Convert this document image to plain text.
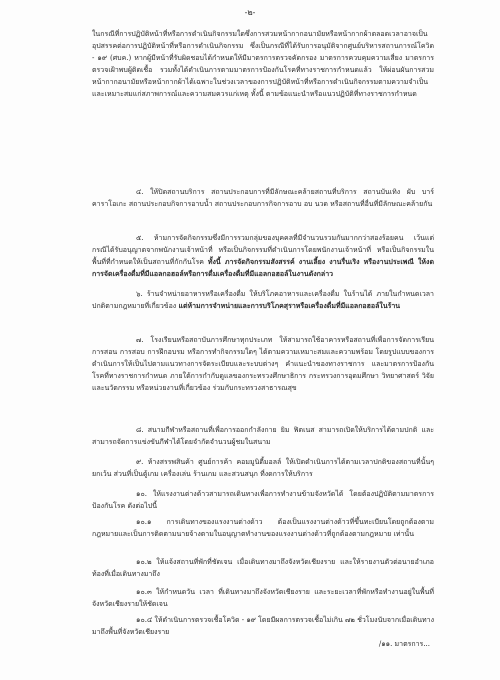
-๒-

ในกรณีที่การปฏิบัติหน้าที่หรือการดำเนินกิจกรรมใดซึ่งการสวมหน้ากากอนามัยหรือหน้ากากผ้าตลอดเวลาอาจเป็นอุปสรรคต่อการปฏิบัติหน้าที่หรือการดำเนินกิจกรรม ซึ่งเป็นกรณีที่ได้รับการอนุมัติจากศูนย์บริหารสถานการณ์โควิด - ๑๙ (ศบค.) หากผู้มีหน้าที่รับผิดชอบได้กำหนดให้มีมาตรการตรวจคัดกรอง มาตรการควบคุมความเสี่ยง มาตรการตรวจเฝ้าพบผู้ติดเชื้อ รวมทั้งได้ดำเนินการตามมาตรการป้องกันโรคที่ทางราชการกำหนดแล้ว ให้ผ่อนผันการสวมหน้ากากอนามัยหรือหน้ากากผ้าได้เฉพาะในช่วงเวลาของการปฏิบัติหน้าที่หรือการดำเนินกิจกรรมตามความจำเป็นและเหมาะสมแก่สภาพการณ์และความสมควรแก่เหตุ ทั้งนี้ ตามข้อแนะนำหรือแนวปฏิบัติที่ทางราชการกำหนด

๔. ให้ปิดสถานบริการ สถานประกอบการที่มีลักษณะคล้ายสถานที่บริการ สถานบันเทิง ผับ บาร์ คาราโอเกะ สถานประกอบกิจการอาบน้ำ สถานประกอบการกิจการอาบ อบ นวด หรือสถานที่อื่นที่มีลักษณะคล้ายกัน

๕. ห้ามการจัดกิจกรรมซึ่งมีการรวมกลุ่มของบุคคลที่มีจำนวนรวมกันมากกว่าสองร้อยคน เว้นแต่ กรณีได้รับอนุญาตจากพนักงานเจ้าหน้าที่ หรือเป็นกิจกรรมที่ดำเนินการโดยพนักงานเจ้าหน้าที่ หรือเป็นกิจกรรมในพื้นที่ที่กำหนดให้เป็นสถานที่กักกันโรค ทั้งนี้ ภารจัดกิจกรรมสังสรรค์ งานเลี้ยง งานรื่นเริง หรืองานประเพณี ให้งดการจัดเครื่องดื่มที่มีแอลกอฮอล์หรือการดื่มเครื่องดื่มที่มีแอลกอฮอล์ในงานดังกล่าว

๖. ร้านจำหน่ายอาหารหรือเครื่องดื่ม ให้บริโภคอาหารและเครื่องดื่ม ในร้านได้ ภายในกำหนดเวลาปกติตามกฎหมายที่เกี่ยวข้อง แต่ห้ามการจำหน่ายและการบริโภคสุราหรือเครื่องดื่มที่มีแอลกอฮอล์ในร้าน

๗. โรงเรียนหรือสถาบันการศึกษาทุกประเภท ให้สามารถใช้อาคารหรือสถานที่เพื่อการจัดการเรียนการสอน การสอบ การฝึกอบรม หรือการทำกิจกรรมใดๆ ได้ตามความเหมาะสมและความพร้อม โดยรูปแบบของการดำเนินการให้เป็นไปตามแนวทางการจัดระเบียบและระบบต่างๆ คำแนะนำของทางราชการ และมาตรการป้องกันโรคที่ทางราชการกำหนด ภายใต้การกำกับดูแลของกระทรวงศึกษาธิการ กระทรวงการอุดมศึกษา วิทยาศาสตร์ วิจัยและนวัตกรรม หรือหน่วยงานที่เกี่ยวข้อง ร่วมกับกระทรวงสาธารณสุข

๘. สนามกีฬาหรือสถานที่เพื่อการออกกำลังกาย ยิม ฟิตเนส สามารถเปิดให้บริการได้ตามปกติ และสามารถจัดการแข่งขันกีฬาได้โดยจำกัดจำนวนผู้ชมในสนาม

๙. ห้างสรรพสินค้า ศูนย์การค้า คอมมูนิตี้มอลล์ ให้เปิดดำเนินการได้ตามเวลาปกติของสถานที่นั้นๆ ยกเว้น ส่วนที่เป็นตู้เกม เครื่องเล่น ร้านเกม และสวนสนุก ที่งดการให้บริการ

๑๐. ให้แรงงานต่างด้าวสามารถเดินทางเพื่อการทำงานข้ามจังหวัดได้ โดยต้องปฏิบัติตามมาตรการป้องกันโรค ดังต่อไปนี้

๑๐.๑ การเดินทางของแรงงานต่างด้าว ต้องเป็นแรงงานต่างด้าวที่ขึ้นทะเบียนโดยถูกต้องตามกฎหมายและเป็นการติดตามนายจ้างตามในอนุญาตทำงานของแรงงานต่างด้าวที่ถูกต้องตามกฎหมาย เท่านั้น

๑๐.๒ ให้แจ้งสถานที่พักที่ชัดเจน เมื่อเดินทางมาถึงจังหวัดเชียงราย และให้รายงานตัวต่อนายอำเภอท้องที่เมื่อเดินทางมาถึง

๑๐.๓ ให้กำหนดวัน เวลา ที่เดินทางมาถึงจังหวัดเชียงราย และระยะเวลาที่พักหรือทำงานอยู่ในพื้นที่จังหวัดเชียงรายให้ชัดเจน

๑๐.๔ ให้ดำเนินการตรวจเชื้อโควิด - ๑๙ โดยมีผลการตรวจเชื้อไม่เกิน ๗๒ ชั่วโมงนับจากเมื่อเดินทางมาถึงพื้นที่จังหวัดเชียงราย

/๑๑. มาตรการ...
